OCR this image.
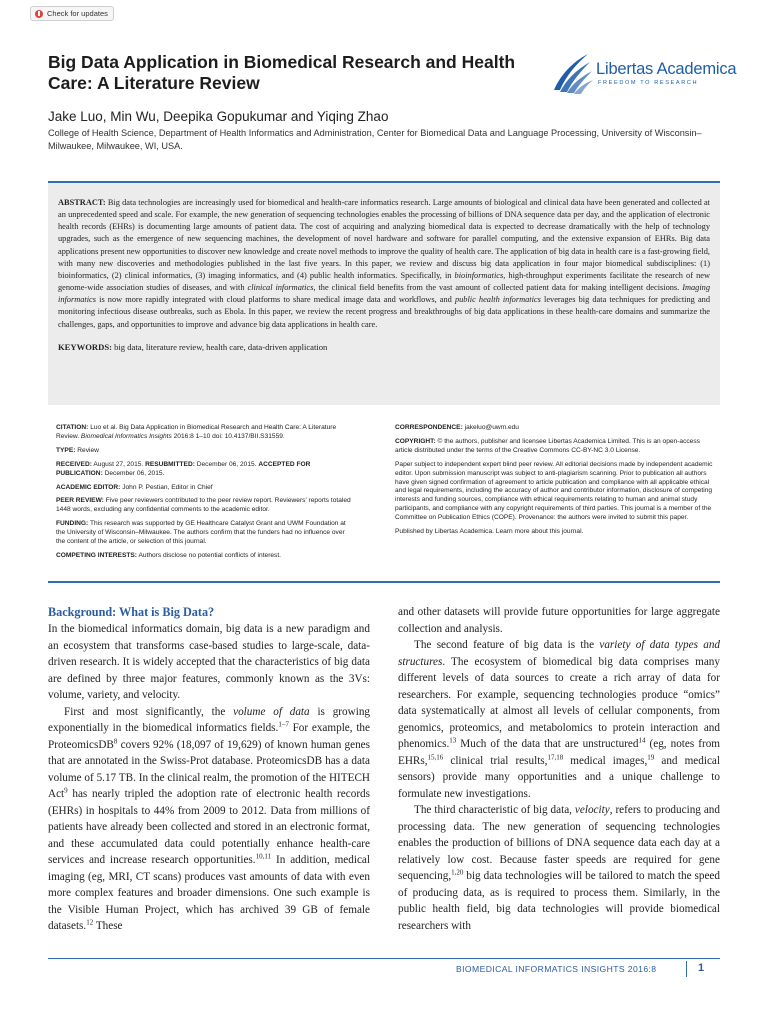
Check for updates
Big Data Application in Biomedical Research and Health Care: A Literature Review
Libertas Academica
FREEDOM TO RESEARCH
Jake Luo, Min Wu, Deepika Gopukumar and Yiqing Zhao
College of Health Science, Department of Health Informatics and Administration, Center for Biomedical Data and Language Processing, University of Wisconsin–Milwaukee, Milwaukee, WI, USA.
ABSTRACT: Big data technologies are increasingly used for biomedical and health-care informatics research. Large amounts of biological and clinical data have been generated and collected at an unprecedented speed and scale. For example, the new generation of sequencing technologies enables the processing of billions of DNA sequence data per day, and the application of electronic health records (EHRs) is documenting large amounts of patient data. The cost of acquiring and analyzing biomedical data is expected to decrease dramatically with the help of technology upgrades, such as the emergence of new sequencing machines, the development of novel hardware and software for parallel computing, and the extensive expansion of EHRs. Big data applications present new opportunities to discover new knowledge and create novel methods to improve the quality of health care. The application of big data in health care is a fast-growing field, with many new discoveries and methodologies published in the last five years. In this paper, we review and discuss big data application in four major biomedical subdisciplines: (1) bioinformatics, (2) clinical informatics, (3) imaging informatics, and (4) public health informatics. Specifically, in bioinformatics, high-throughput experiments facilitate the research of new genome-wide association studies of diseases, and with clinical informatics, the clinical field benefits from the vast amount of collected patient data for making intelligent decisions. Imaging informatics is now more rapidly integrated with cloud platforms to share medical image data and workflows, and public health informatics leverages big data techniques for predicting and monitoring infectious disease outbreaks, such as Ebola. In this paper, we review the recent progress and breakthroughs of big data applications in these health-care domains and summarize the challenges, gaps, and opportunities to improve and advance big data applications in health care.
KEYWORDS: big data, literature review, health care, data-driven application

CITATION: Luo et al. Big Data Application in Biomedical Research and Health Care: A Literature Review. Biomedical Informatics Insights 2016:8 1–10 doi: 10.4137/BII.S31559.

TYPE: Review

RECEIVED: August 27, 2015. RESUBMITTED: December 06, 2015. ACCEPTED FOR PUBLICATION: December 06, 2015.

ACADEMIC EDITOR: John P. Pestian, Editor in Chief

PEER REVIEW: Five peer reviewers contributed to the peer review report. Reviewers' reports totaled 1448 words, excluding any confidential comments to the academic editor.

FUNDING: This research was supported by GE Healthcare Catalyst Grant and UWM Foundation at the University of Wisconsin–Milwaukee. The authors confirm that the funders had no influence over the content of the article, or selection of this journal.

COMPETING INTERESTS: Authors disclose no potential conflicts of interest.

CORRESPONDENCE: jakeluo@uwm.edu

COPYRIGHT: © the authors, publisher and licensee Libertas Academica Limited. This is an open-access article distributed under the terms of the Creative Commons CC-BY-NC 3.0 License.

Paper subject to independent expert blind peer review. All editorial decisions made by independent academic editor. Upon submission manuscript was subject to anti-plagiarism scanning. Prior to publication all authors have given signed confirmation of agreement to article publication and compliance with all applicable ethical and legal requirements, including the accuracy of author and contributor information, disclosure of competing interests and funding sources, compliance with ethical requirements relating to human and animal study participants, and compliance with any copyright requirements of third parties. This journal is a member of the Committee on Publication Ethics (COPE). Provenance: the authors were invited to submit this paper.

Published by Libertas Academica. Learn more about this journal.

Background: What is Big Data?

In the biomedical informatics domain, big data is a new paradigm and an ecosystem that transforms case-based studies to large-scale, data-driven research. It is widely accepted that the characteristics of big data are defined by three major features, commonly known as the 3Vs: volume, variety, and velocity.

First and most significantly, the volume of data is growing exponentially in the biomedical informatics fields.$^{1-7}$ For example, the ProteomicsDB$^8$ covers 92% (18,097 of 19,629) of known human genes that are annotated in the Swiss-Prot database. ProteomicsDB has a data volume of 5.17 TB. In the clinical realm, the promotion of the HITECH Act$^9$ has nearly tripled the adoption rate of electronic health records (EHRs) in hospitals to 44% from 2009 to 2012. Data from millions of patients have already been collected and stored in an electronic format, and these accumulated data could potentially enhance health-care services and increase research opportunities.$^{10,11}$ In addition, medical imaging (eg, MRI, CT scans) produces vast amounts of data with even more complex features and broader dimensions. One such example is the Visible Human Project, which has archived 39 GB of female datasets.$^{12}$ These

and other datasets will provide future opportunities for large aggregate collection and analysis.

The second feature of big data is the variety of data types and structures. The ecosystem of biomedical big data comprises many different levels of data sources to create a rich array of data for researchers. For example, sequencing technologies produce “omics” data systematically at almost all levels of cellular components, from genomics, proteomics, and metabolomics to protein interaction and phenomics.$^{13}$ Much of the data that are unstructured$^{14}$ (eg, notes from EHRs,$^{15,16}$ clinical trial results,$^{17,18}$ medical images,$^{19}$ and medical sensors) provide many opportunities and a unique challenge to formulate new investigations.

The third characteristic of big data, velocity, refers to producing and processing data. The new generation of sequencing technologies enables the production of billions of DNA sequence data each day at a relatively low cost. Because faster speeds are required for gene sequencing,$^{1,20}$ big data technologies will be tailored to match the speed of producing data, as is required to process them. Similarly, in the public health field, big data technologies will provide biomedical researchers with

BIOMEDICAL INFORMATICS INSIGHTS 2016:8	1
